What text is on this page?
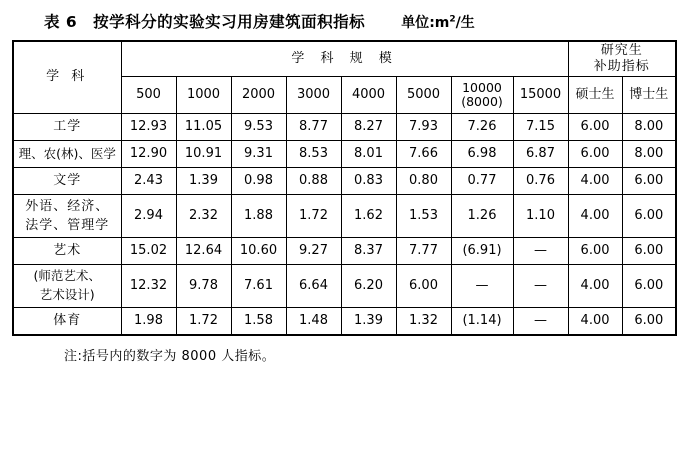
表 6　按学科分的实验实习用房建筑面积指标	单位$:m^2/$生
学 科	学 科 规 模								研究生
补助指标	

	500	1000	2000	3000	4000	5000	10000
(8000)	15000	硕士生	博士生
工学	12.93	11.05	9.53	8.77	8.27	7.93	7.26	7.15	6.00	8.00
理、农(林)、医学	12.90	10.91	9.31	8.53	8.01	7.66	6.98	6.87	6.00	8.00
文学	2.43	1.39	0.98	0.88	0.83	0.80	0.77	0.76	4.00	6.00

外语、经济、
法学、管理学	2.94	2.32	1.88	1.72	1.62	1.53	1.26	1.10	4.00	6.00
艺术	15.02	12.64	10.60	9.27	8.37	7.77	(6.91)	—	6.00	6.00

(师范艺术、
艺术设计)	12.32	9.78	7.61	6.64	6.20	6.00	—	—	4.00	6.00
体育	1.98	1.72	1.58	1.48	1.39	1.32	(1.14)	—	4.00	6.00
注:括号内的数字为 8000 人指标。
